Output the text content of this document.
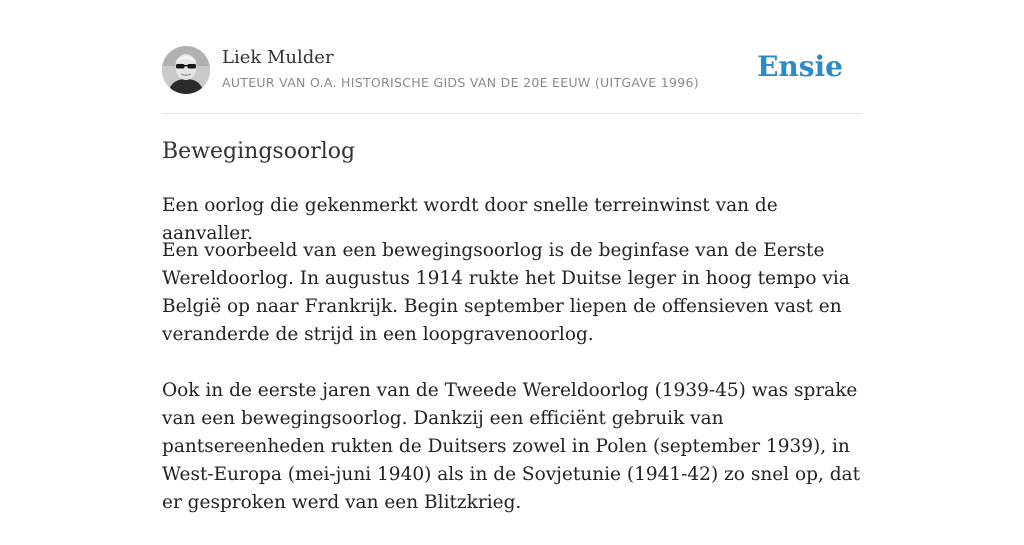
Liek Mulder
AUTEUR VAN O.A. HISTORISCHE GIDS VAN DE 20E EEUW (UITGAVE 1996) Ensie
Bewegingsoorlog
Een oorlog die gekenmerkt wordt door snelle terreinwinst van de aanvaller.

Een voorbeeld van een bewegingsoorlog is de beginfase van de Eerste Wereldoorlog. In augustus 1914 rukte het Duitse leger in hoog tempo via België op naar Frankrijk. Begin september liepen de offensieven vast en veranderde de strijd in een loopgravenoorlog.

Ook in de eerste jaren van de Tweede Wereldoorlog (1939-45) was sprake van een bewegingsoorlog. Dankzij een efficiënt gebruik van pantsereenheden rukten de Duitsers zowel in Polen (september 1939), in West-Europa (mei-juni 1940) als in de Sovjetunie (1941-42) zo snel op, dat er gesproken werd van een Blitzkrieg.
